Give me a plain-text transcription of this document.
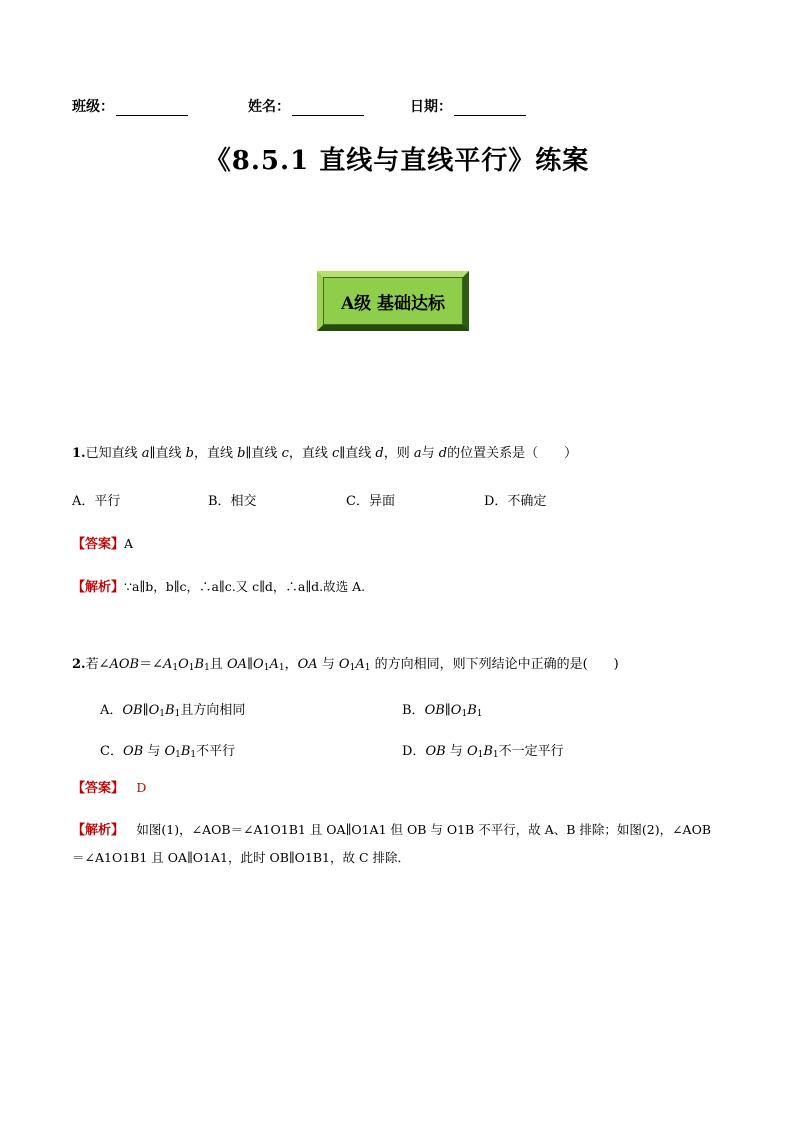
班级：	姓名：	日期：
《8.5.1 直线与直线平行》练案
A级 基础达标
1.已知直线 a∥直线 b，直线 b∥直线 c，直线 c∥直线 d，则 a与 d的位置关系是（　　）
A．平行	B．相交	C．异面	D．不确定
【答案】A
【解析】∵a∥b，b∥c，∴a∥c.又 c∥d，∴a∥d.故选 A.
2.若$\angle AOB=\angle A_1O_1B_1$且 $OA\parallel O_1A_1$，OA 与 $O_1A_1$ 的方向相同，则下列结论中正确的是(　　)
A．$OB\parallel O_1B_1$且方向相同	B．$OB\parallel O_1B_1$
C．OB 与 $O_1B_1$不平行	D．OB 与 $O_1B_1$不一定平行
【答案】 D
【解析】 如图(1)，∠AOB＝∠A1O1B1 且 OA∥O1A1 但 OB 与 O1B 不平行，故 A、B 排除；如图(2)，∠AOB
＝∠A1O1B1 且 OA∥O1A1，此时 OB∥O1B1，故 C 排除．
